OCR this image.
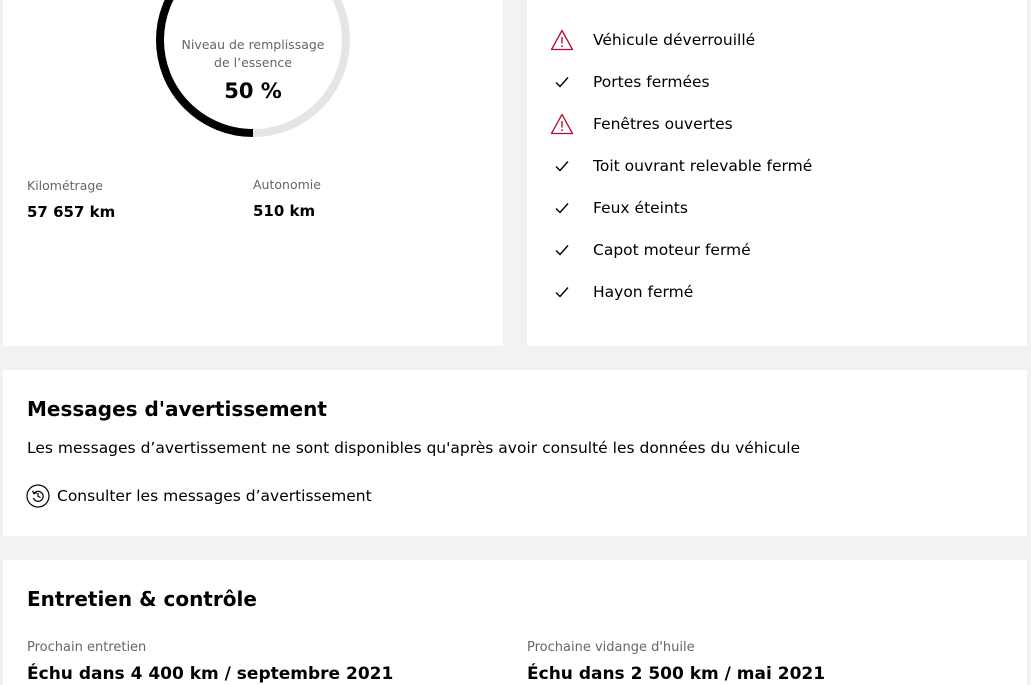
Niveau de remplissage
de l’essence
50 %
Kilométrage
57 657 km
Autonomie
510 km
Véhicule déverrouillé
Portes fermées
Fenêtres ouvertes
Toit ouvrant relevable fermé
Feux éteints
Capot moteur fermé
Hayon fermé
Messages d'avertissement
Les messages d’avertissement ne sont disponibles qu'après avoir consulté les données du véhicule
Consulter les messages d’avertissement
Entretien & contrôle
Prochain entretien
Échu dans 4 400 km / septembre 2021
Prochaine vidange d'huile
Échu dans 2 500 km / mai 2021
